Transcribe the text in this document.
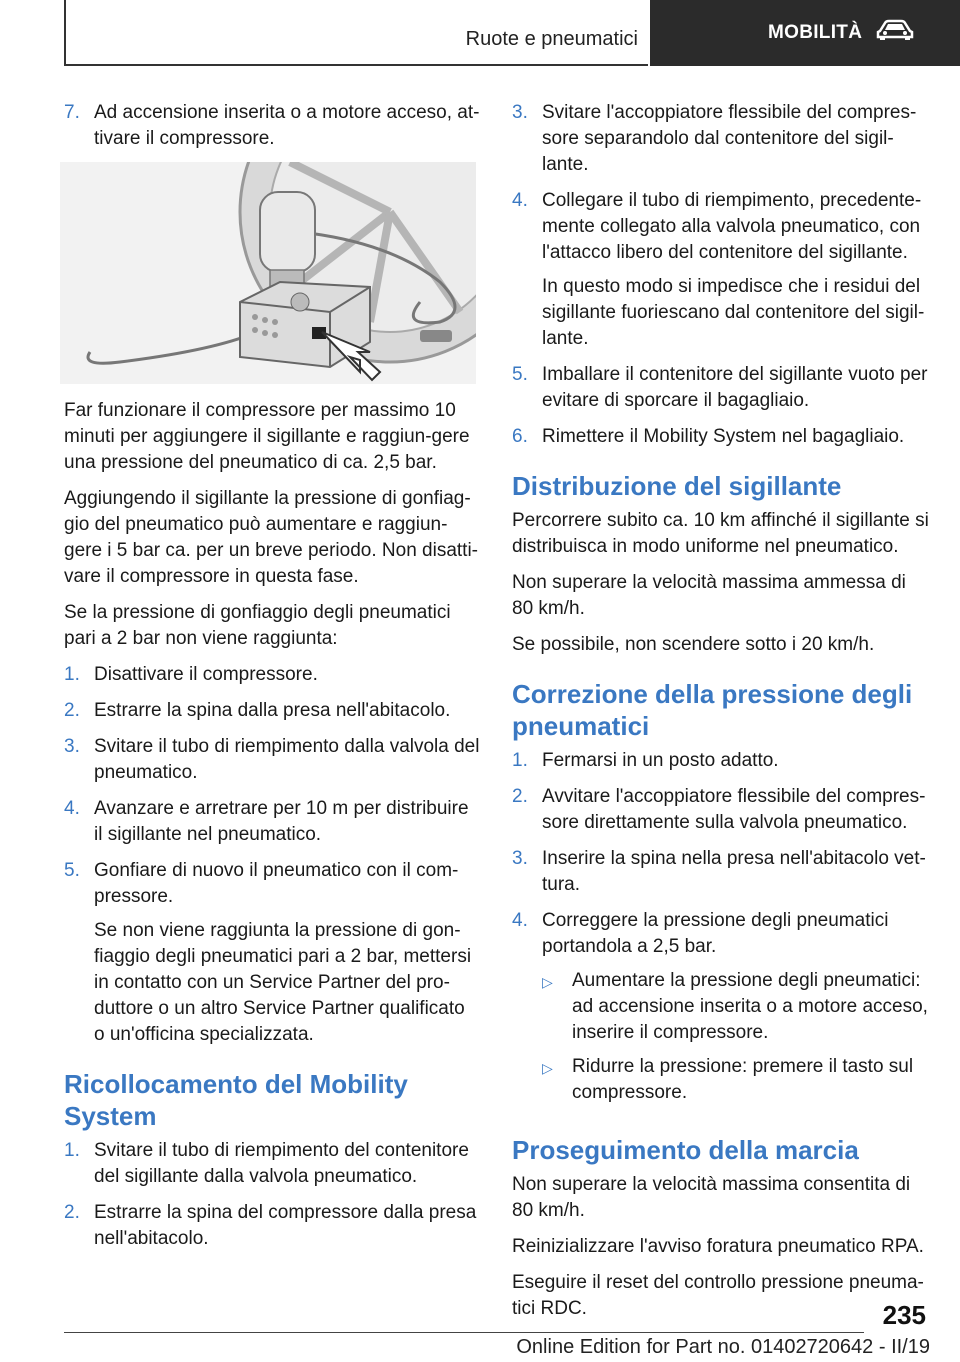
Ruote e pneumatici	MOBILITÀ
7. Ad accensione inserita o a motore acceso, at-tivare il compressore.

Far funzionare il compressore per massimo 10 minuti per aggiungere il sigillante e raggiun-gere una pressione del pneumatico di ca. 2,5 bar.

Aggiungendo il sigillante la pressione di gonfiag-gio del pneumatico può aumentare e raggiun-gere i 5 bar ca. per un breve periodo. Non disatti-vare il compressore in questa fase.

Se la pressione di gonfiaggio degli pneumatici pari a 2 bar non viene raggiunta:

1. Disattivare il compressore.
2. Estrarre la spina dalla presa nell'abitacolo.
3. Svitare il tubo di riempimento dalla valvola del pneumatico.
4. Avanzare e arretrare per 10 m per distribuire il sigillante nel pneumatico.
5. Gonfiare di nuovo il pneumatico con il com-pressore.
Se non viene raggiunta la pressione di gon-fiaggio degli pneumatici pari a 2 bar, mettersi in contatto con un Service Partner del pro-duttore o un altro Service Partner qualificato o un'officina specializzata.
Ricollocamento del Mobility System
1. Svitare il tubo di riempimento del contenitore del sigillante dalla valvola pneumatico.
2. Estrarre la spina del compressore dalla presa nell'abitacolo.
3. Svitare l'accoppiatore flessibile del compres-sore separandolo dal contenitore del sigil-lante.
4. Collegare il tubo di riempimento, precedente-mente collegato alla valvola pneumatico, con l'attacco libero del contenitore del sigillante.
In questo modo si impedisce che i residui del sigillante fuoriescano dal contenitore del sigil-lante.
5. Imballare il contenitore del sigillante vuoto per evitare di sporcare il bagagliaio.
6. Rimettere il Mobility System nel bagagliaio.
Distribuzione del sigillante

Percorrere subito ca. 10 km affinché il sigillante si distribuisca in modo uniforme nel pneumatico.

Non superare la velocità massima ammessa di 80 km/h.

Se possibile, non scendere sotto i 20 km/h.

Correzione della pressione degli pneumatici
1. Fermarsi in un posto adatto.
2. Avvitare l'accoppiatore flessibile del compres-sore direttamente sulla valvola pneumatico.
3. Inserire la spina nella presa nell'abitacolo vet-tura.
4. Correggere la pressione degli pneumatici portandola a 2,5 bar.
▷	Aumentare la pressione degli pneumatici: ad accensione inserita o a motore acceso, inserire il compressore.
▷	Ridurre la pressione: premere il tasto sul compressore.
Proseguimento della marcia

Non superare la velocità massima consentita di 80 km/h.

Reinizializzare l'avviso foratura pneumatico RPA.

Eseguire il reset del controllo pressione pneuma-tici RDC.	235
Online Edition for Part no. 01402720642 - II/19
